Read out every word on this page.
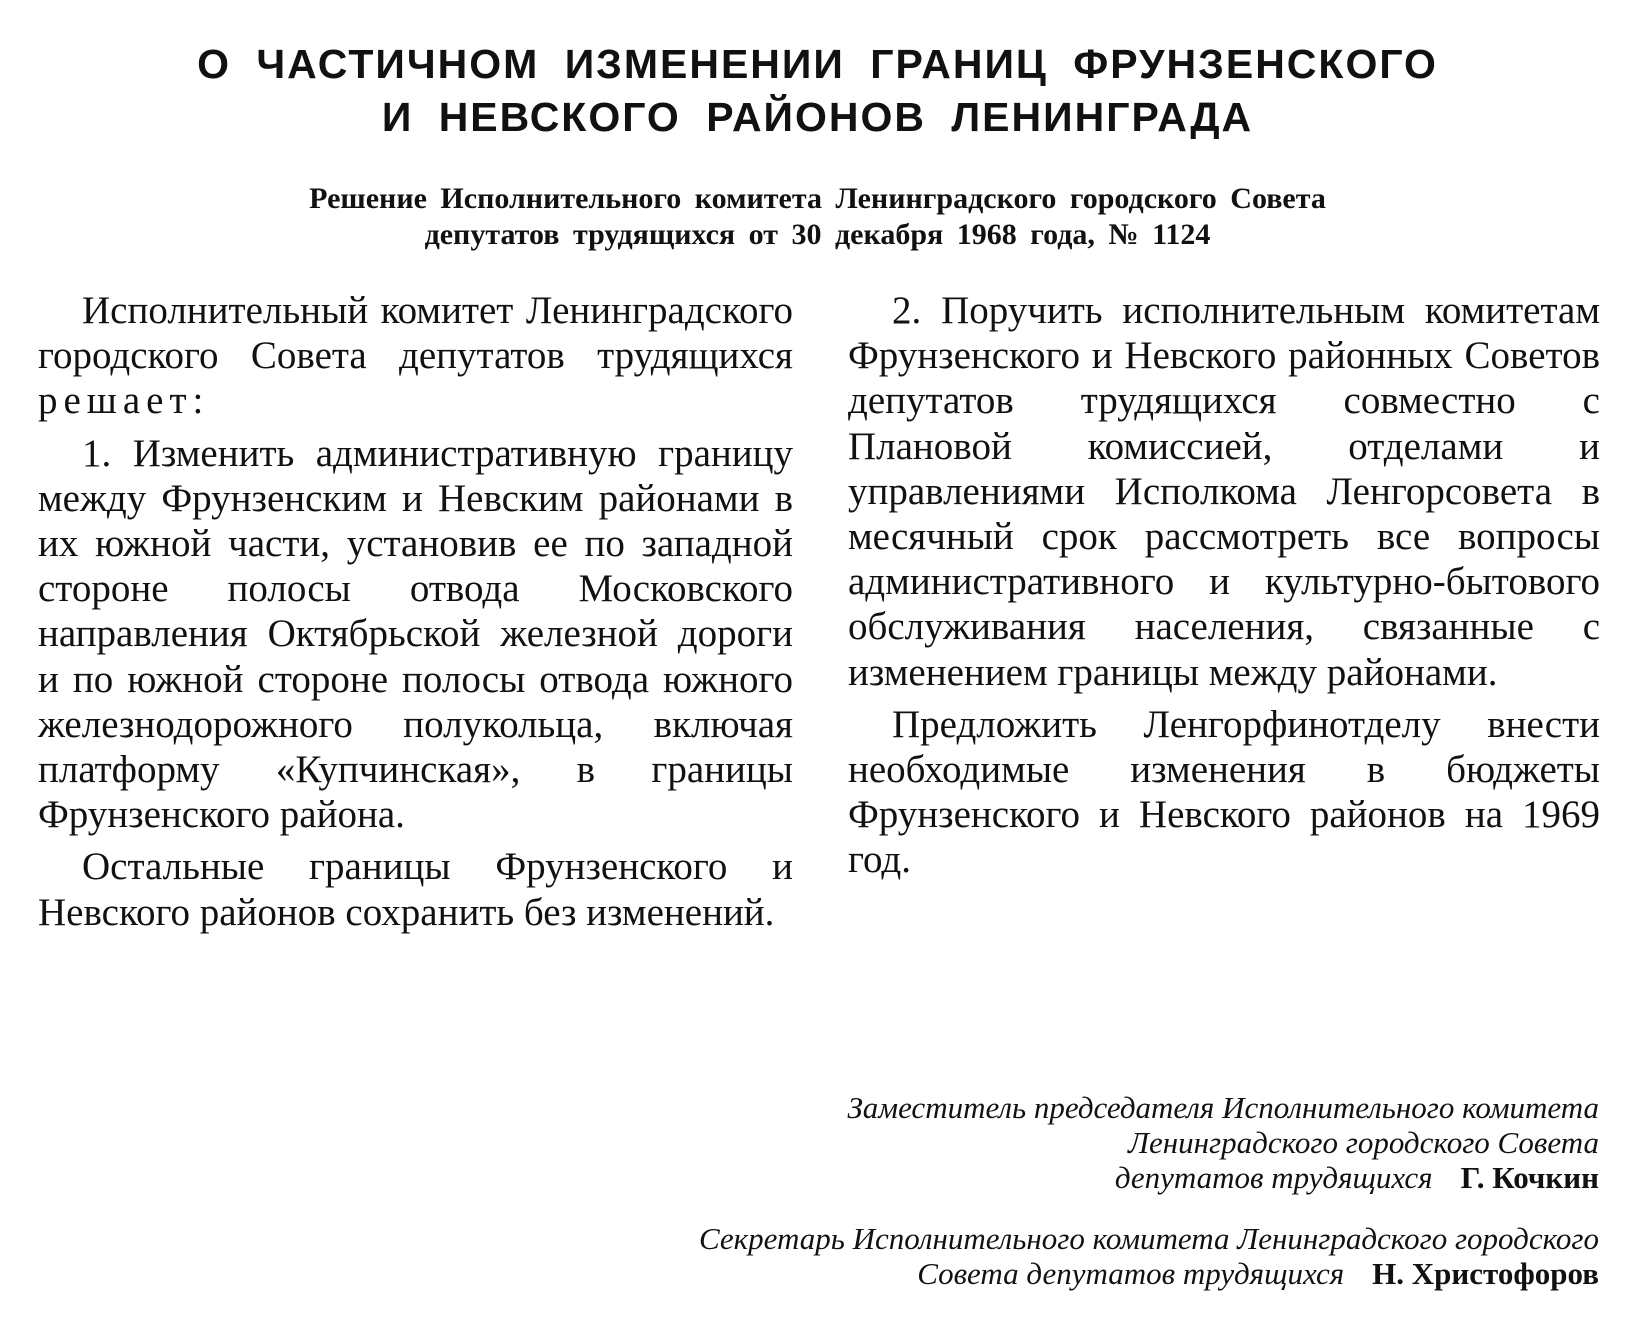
О ЧАСТИЧНОМ ИЗМЕНЕНИИ ГРАНИЦ ФРУНЗЕНСКОГО
И НЕВСКОГО РАЙОНОВ ЛЕНИНГРАДА
Решение Исполнительного комитета Ленинградского городского Совета
депутатов трудящихся от 30 декабря 1968 года, № 1124

Исполнительный комитет Ленинградского городского Совета депутатов трудящихся решает:

1. Изменить административную границу между Фрунзенским и Невским районами в их южной части, установив ее по западной стороне полосы отвода Московского направления Октябрьской железной дороги и по южной стороне полосы отвода южного железнодорожного полукольца, включая платформу «Купчинская», в границы Фрунзенского района.

Остальные границы Фрунзенского и Невского районов сохранить без изменений.

2. Поручить исполнительным комитетам Фрунзенского и Невского районных Советов депутатов трудящихся совместно с Плановой комиссией, отделами и управлениями Исполкома Ленгорсовета в месячный срок рассмотреть все вопросы административного и культурно-бытового обслуживания населения, связанные с изменением границы между районами.

Предложить Ленгорфинотделу внести необходимые изменения в бюджеты Фрунзенского и Невского районов на 1969 год.

Заместитель председателя Исполнительного комитета
Ленинградского городского Совета
депутатов трудящихся Г. Кочкин
Секретарь Исполнительного комитета Ленинградского городского
Совета депутатов трудящихся Н. Христофоров
